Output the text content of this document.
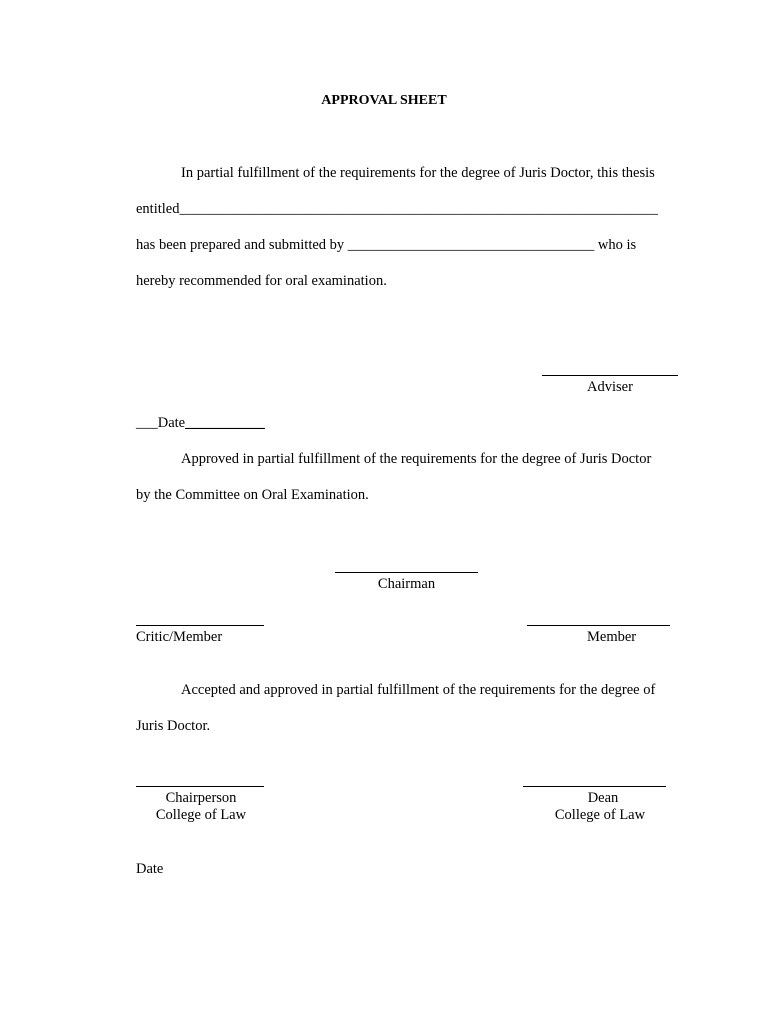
APPROVAL SHEET
In partial fulfillment of the requirements for the degree of Juris Doctor, this thesis
entitled__________________________________________________________________
has been prepared and submitted by __________________________________ who is
hereby recommended for oral examination.
Adviser
___Date___________
Approved in partial fulfillment of the requirements for the degree of Juris Doctor
by the Committee on Oral Examination.
Chairman
Critic/Member	Member
Accepted and approved in partial fulfillment of the requirements for the degree of
Juris Doctor.
Chairperson
College of Law
Dean
College of Law
Date
